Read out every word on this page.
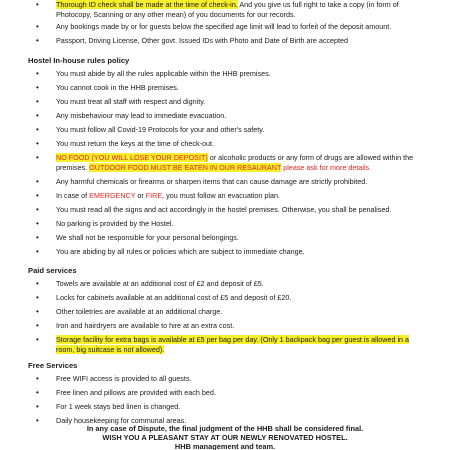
• Thorough ID check shall be made at the time of check-in. And you give us full right to take a copy (in form of
Photocopy, Scanning or any other mean) of you documents for our records.
• Any bookings made by or for guests below the specified age limit will lead to forfeit of the deposit amount.
• Passport, Driving License, Other govt. Issued IDs with Photo and Date of Birth are accepted
Hostel In-house rules policy
• You must abide by all the rules applicable within the HHB premises.
• You cannot cook in the HHB premises.
• You must treat all staff with respect and dignity.
• Any misbehaviour may lead to immediate evacuation.
• You must follow all Covid-19 Protocols for your and other's safety.
• You must return the keys at the time of check-out.
• NO FOOD (YOU WILL LOSE YOUR DEPOSIT) or alcoholic products or any form of drugs are allowed within the
premises. OUTDOOR FOOD MUST BE EATEN IN OUR RESAURANT please ask for more details.
• Any harmful chemicals or firearms or sharpen items that can cause damage are strictly prohibited.
• In case of EMERGENCY or FIRE, you must follow an evacuation plan.
• You must read all the signs and act accordingly in the hostel premises. Otherwise, you shall be penalised.
• No parking is provided by the Hostel.
• We shall not be responsible for your personal belongings.
• You are abiding by all rules or policies which are subject to immediate change.
Paid services
• Towels are available at an additional cost of £2 and deposit of £5.
• Locks for cabinets available at an additional cost of £5 and deposit of £20.
• Other toiletries are available at an additional charge.
• Iron and hairdryers are available to hire at an extra cost.
• Storage facility for extra bags is available at £5 per bag per day. (Only 1 backpack bag per guest is allowed in a
room, big suitcase is not allowed).
Free Services
• Free WIFI access is provided to all guests.
• Free linen and pillows are provided with each bed.
• For 1 week stays bed linen is changed.
• Daily housekeeping for communal areas.
In any case of Dispute, the final judgment of the HHB shall be considered final.
WISH YOU A PLEASANT STAY AT OUR NEWLY RENOVATED HOSTEL.
HHB management and team.
